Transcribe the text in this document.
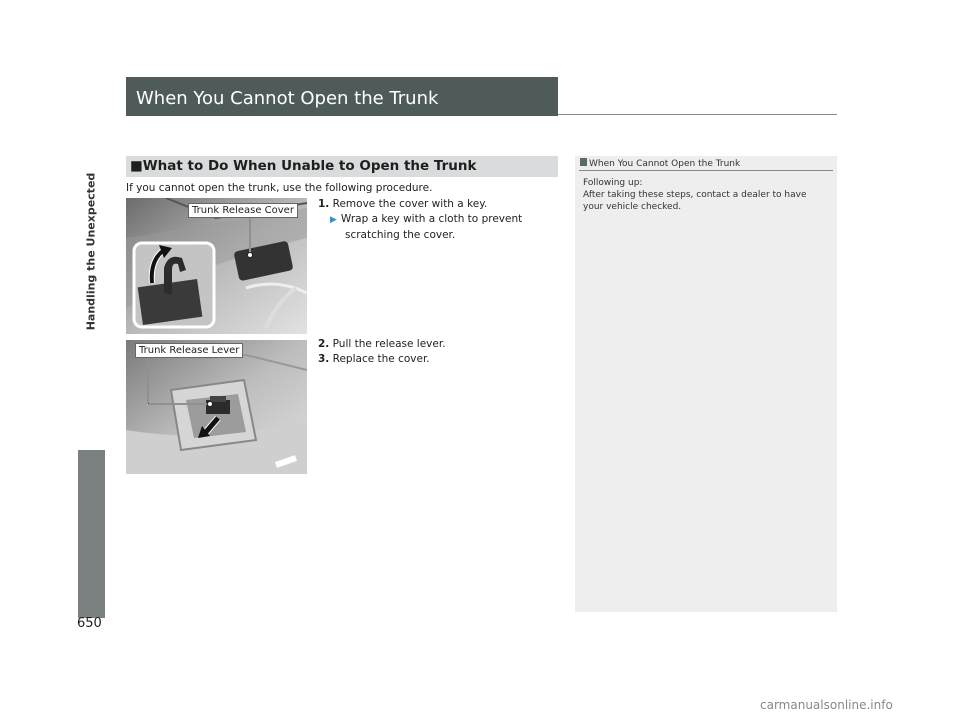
Handling the Unexpected
650
When You Cannot Open the Trunk
■What to Do When Unable to Open the Trunk
If you cannot open the trunk, use the following procedure.
1. Remove the cover with a key.
▶ Wrap a key with a cloth to prevent
scratching the cover.
2. Pull the release lever.
3. Replace the cover.
Trunk Release Cover
Trunk Release Lever
When You Cannot Open the Trunk
Following up:
After taking these steps, contact a dealer to have
your vehicle checked.
carmanualsonline.info
